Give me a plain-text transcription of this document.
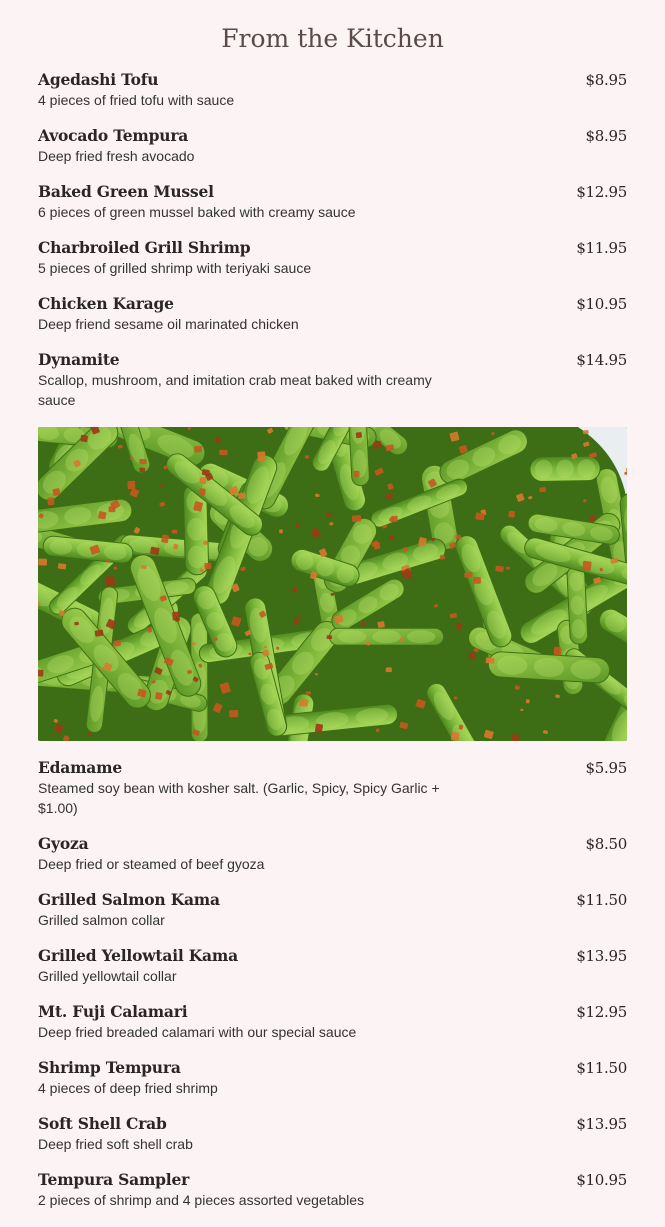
From the Kitchen
Agedashi Tofu
4 pieces of fried tofu with sauce
$8.95
Avocado Tempura
Deep fried fresh avocado
$8.95
Baked Green Mussel
6 pieces of green mussel baked with creamy sauce
$12.95
Charbroiled Grill Shrimp
5 pieces of grilled shrimp with teriyaki sauce
$11.95
Chicken Karage
Deep friend sesame oil marinated chicken
$10.95
Dynamite
Scallop, mushroom, and imitation crab meat baked with creamy sauce
$14.95
Edamame
Steamed soy bean with kosher salt. (Garlic, Spicy, Spicy Garlic + $1.00)
$5.95
Gyoza
Deep fried or steamed of beef gyoza
$8.50
Grilled Salmon Kama
Grilled salmon collar
$11.50
Grilled Yellowtail Kama
Grilled yellowtail collar
$13.95
Mt. Fuji Calamari
Deep fried breaded calamari with our special sauce
$12.95
Shrimp Tempura
4 pieces of deep fried shrimp
$11.50
Soft Shell Crab
Deep fried soft shell crab
$13.95
Tempura Sampler
2 pieces of shrimp and 4 pieces assorted vegetables
$10.95
